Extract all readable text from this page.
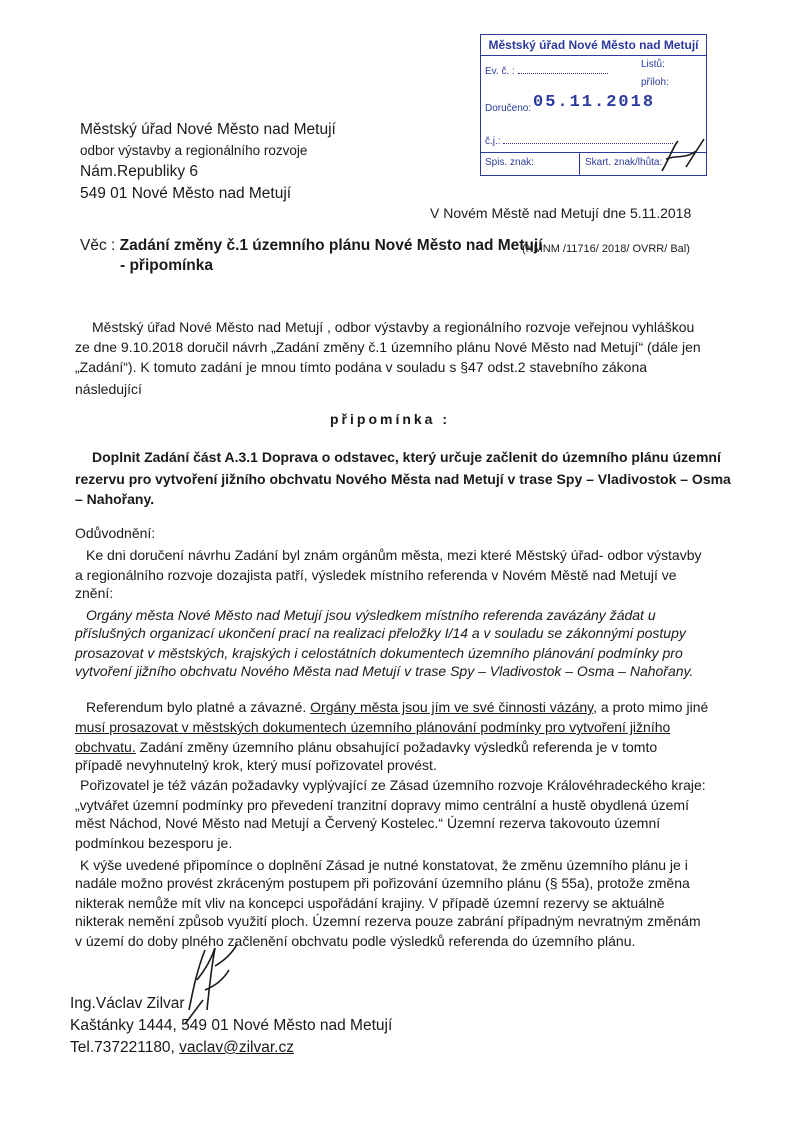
Městský úřad Nové Město nad Metují
Ev. č. :
Listů:
příloh:
Doručeno: 05.11.2018
č.j.:
Spis. znak:	Skart. znak/lhůta:
Městský úřad Nové Město nad Metují
odbor výstavby a regionálního rozvoje
Nám.Republiky 6
549 01 Nové Město nad Metují
V Novém Městě nad Metují dne 5.11.2018
Věc : Zadání změny č.1 územního plánu Nové Město nad Metují
(NMNM /11716/ 2018/ OVRR/ Bal)
- připomínka
Městský úřad Nové Město nad Metují , odbor výstavby a regionálního rozvoje veřejnou vyhláškou
ze dne 9.10.2018 doručil návrh „Zadání změny č.1 územního plánu Nové Město nad Metují“ (dále jen
„Zadání“). K tomuto zadání je mnou tímto podána v souladu s §47 odst.2 stavebního zákona
následující
připomínka :
Doplnit Zadání část A.3.1 Doprava o odstavec, který určuje začlenit do územního plánu územní
rezervu pro vytvoření jižního obchvatu Nového Města nad Metují v trase Spy – Vladivostok – Osma
– Nahořany.
Odůvodnění:
Ke dni doručení návrhu Zadání byl znám orgánům města, mezi které Městský úřad- odbor výstavby
a regionálního rozvoje dozajista patří, výsledek místního referenda v Novém Městě nad Metují ve
znění:
Orgány města Nové Město nad Metují jsou výsledkem místního referenda zavázány žádat u
příslušných organizací ukončení prací na realizaci přeložky I/14 a v souladu se zákonnými postupy
prosazovat v městských, krajských i celostátních dokumentech územního plánování podmínky pro
vytvoření jižního obchvatu Nového Města nad Metují v trase Spy – Vladivostok – Osma – Nahořany.
Referendum bylo platné a závazné. Orgány města jsou jím ve své činnosti vázány, a proto mimo jiné
musí prosazovat v městských dokumentech územního plánování podmínky pro vytvoření jižního
obchvatu. Zadání změny územního plánu obsahující požadavky výsledků referenda je v tomto
případě nevyhnutelný krok, který musí pořizovatel provést.
Pořizovatel je též vázán požadavky vyplývající ze Zásad územního rozvoje Královéhradeckého kraje:
„vytvářet územní podmínky pro převedení tranzitní dopravy mimo centrální a hustě obydlená území
měst Náchod, Nové Město nad Metují a Červený Kostelec.“ Územní rezerva takovouto územní
podmínkou bezesporu je.
K výše uvedené připomínce o doplnění Zásad je nutné konstatovat, že změnu územního plánu je i
nadále možno provést zkráceným postupem při pořizování územního plánu (§ 55a), protože změna
nikterak nemůže mít vliv na koncepci uspořádání krajiny. V případě územní rezervy se aktuálně
nikterak nemění způsob využití ploch. Územní rezerva pouze zabrání případným nevratným změnám
v území do doby plného začlenění obchvatu podle výsledků referenda do územního plánu.
Ing.Václav Zilvar
Kaštánky 1444, 549 01 Nové Město nad Metují
Tel.737221180, vaclav@zilvar.cz
